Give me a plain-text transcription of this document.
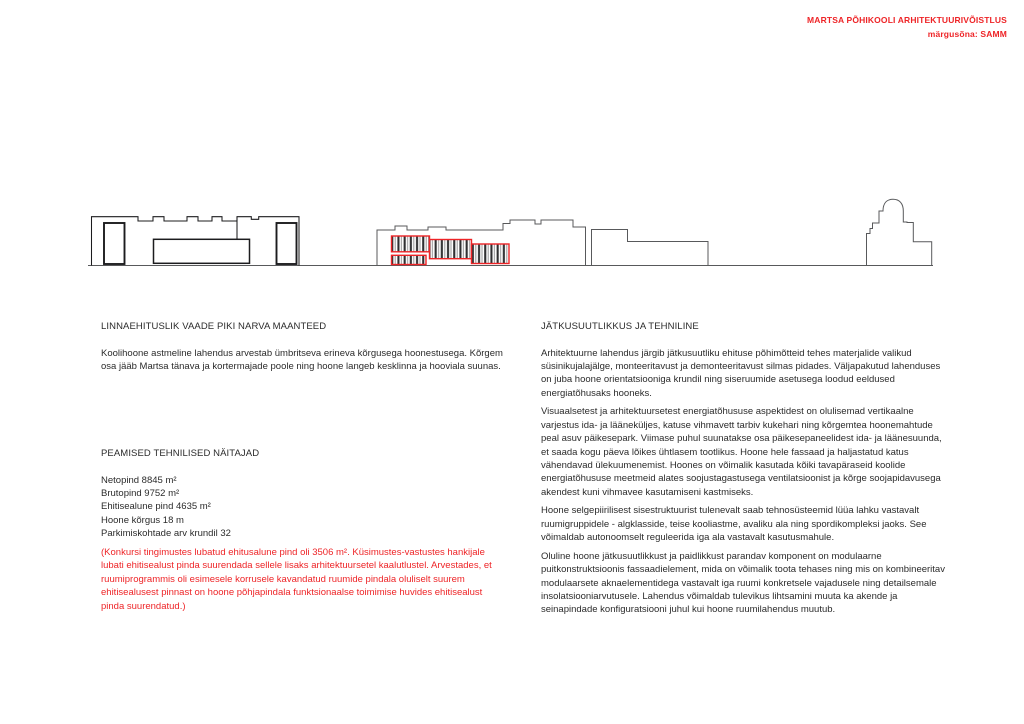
MARTSA PÕHIKOOLI ARHITEKTUURIVÕISTLUS
märgusõna: SAMM
LINNAEHITUSLIK VAADE PIKI NARVA MAANTEED

Koolihoone astmeline lahendus arvestab ümbritseva erineva kõrgusega hoonestusega. Kõrgem osa jääb Martsa tänava ja kortermajade poole ning hoone langeb kesklinna ja hooviala suunas.

PEAMISED TEHNILISED NÄITAJAD
Netopind 8845 m²
Brutopind 9752 m²
Ehitisealune pind 4635 m²
Hoone kõrgus 18 m
Parkimiskohtade arv krundil 32

(Konkursi tingimustes lubatud ehitusalune pind oli 3506 m². Küsimustes-vastustes hankijale lubati ehitisealust pinda suurendada sellele lisaks arhitektuursetel kaalutlustel. Arvestades, et ruumiprogrammis oli esimesele korrusele kavandatud ruumide pindala oluliselt suurem ehitisealusest pinnast on hoone põhjapindala funktsionaalse toimimise huvides ehitisealust pinda suurendatud.)

JÄTKUSUUTLIKKUS JA TEHNILINE

Arhitektuurne lahendus järgib jätkusuutliku ehituse põhimõtteid tehes materjalide valikud süsinikujalajälge, monteeritavust ja demonteeritavust silmas pidades. Väljapakutud lahenduses on juba hoone orientatsiooniga krundil ning siseruumide asetusega loodud eeldused energiatõhusaks hooneks.

Visuaalsetest ja arhitektuursetest energiatõhususe aspektidest on olulisemad vertikaalne varjestus ida- ja lääneküljes, katuse vihmavett tarbiv kukehari ning kõrgemtea hoonemahtude peal asuv päikesepark. Viimase puhul suunatakse osa päikesepaneelidest ida- ja läänesuunda, et saada kogu päeva lõikes ühtlasem tootlikus. Hoone hele fassaad ja haljastatud katus vähendavad ülekuumenemist. Hoones on võimalik kasutada kõiki tavapäraseid koolide energiatõhususe meetmeid alates soojustagastusega ventilatsioonist ja kõrge soojapidavusega akendest kuni vihmavee kasutamiseni kastmiseks.

Hoone selgepiirilisest sisestruktuurist tulenevalt saab tehnosüsteemid lüüa lahku vastavalt ruumigruppidele - algklasside, teise kooliastme, avaliku ala ning spordikompleksi jaoks. See võimaldab autonoomselt reguleerida iga ala vastavalt kasutusmahule.

Oluline hoone jätkusuutlikkust ja paidlikkust parandav komponent on modulaarne puitkonstruktsioonis fassaadielement, mida on võimalik toota tehases ning mis on kombineeritav modulaarsete aknaelementidega vastavalt iga ruumi konkretsele vajadusele ning detailsemale insolatsiooniarvutusele. Lahendus võimaldab tulevikus lihtsamini muuta ka akende ja seinapindade konfiguratsiooni juhul kui hoone ruumilahendus muutub.
